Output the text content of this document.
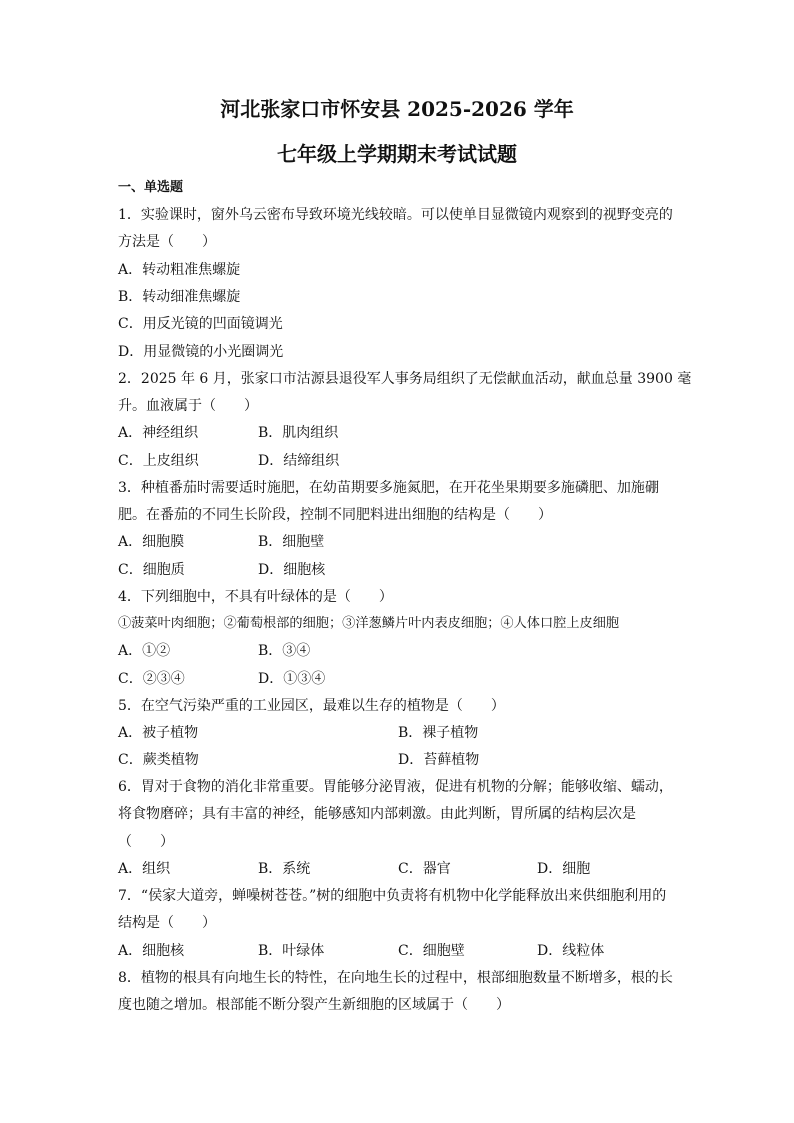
河北张家口市怀安县 2025-2026 学年
七年级上学期期末考试试题
一、单选题
1．实验课时，窗外乌云密布导致环境光线较暗。可以使单目显微镜内观察到的视野变亮的
方法是（　　）
A．转动粗准焦螺旋
B．转动细准焦螺旋
C．用反光镜的凹面镜调光
D．用显微镜的小光圈调光
2．2025 年 6 月，张家口市沽源县退役军人事务局组织了无偿献血活动，献血总量 3900 毫
升。血液属于（　　）
A．神经组织	B．肌肉组织
C．上皮组织	D．结缔组织
3．种植番茄时需要适时施肥，在幼苗期要多施氮肥，在开花坐果期要多施磷肥、加施硼
肥。在番茄的不同生长阶段，控制不同肥料进出细胞的结构是（　　）
A．细胞膜	B．细胞壁
C．细胞质	D．细胞核
4．下列细胞中，不具有叶绿体的是（　　）
①菠菜叶肉细胞；②葡萄根部的细胞；③洋葱鳞片叶内表皮细胞；④人体口腔上皮细胞
A．①②	B．③④
C．②③④	D．①③④
5．在空气污染严重的工业园区，最难以生存的植物是（　　）
A．被子植物	B．裸子植物
C．蕨类植物	D．苔藓植物
6．胃对于食物的消化非常重要。胃能够分泌胃液，促进有机物的分解；能够收缩、蠕动，
将食物磨碎；具有丰富的神经，能够感知内部刺激。由此判断，胃所属的结构层次是
（　　）
A．组织	B．系统	C．器官	D．细胞
7．“侯家大道旁，蝉噪树苍苍。”树的细胞中负责将有机物中化学能释放出来供细胞利用的
结构是（　　）
A．细胞核	B．叶绿体	C．细胞壁	D．线粒体
8．植物的根具有向地生长的特性，在向地生长的过程中，根部细胞数量不断增多，根的长
度也随之增加。根部能不断分裂产生新细胞的区域属于（　　）
